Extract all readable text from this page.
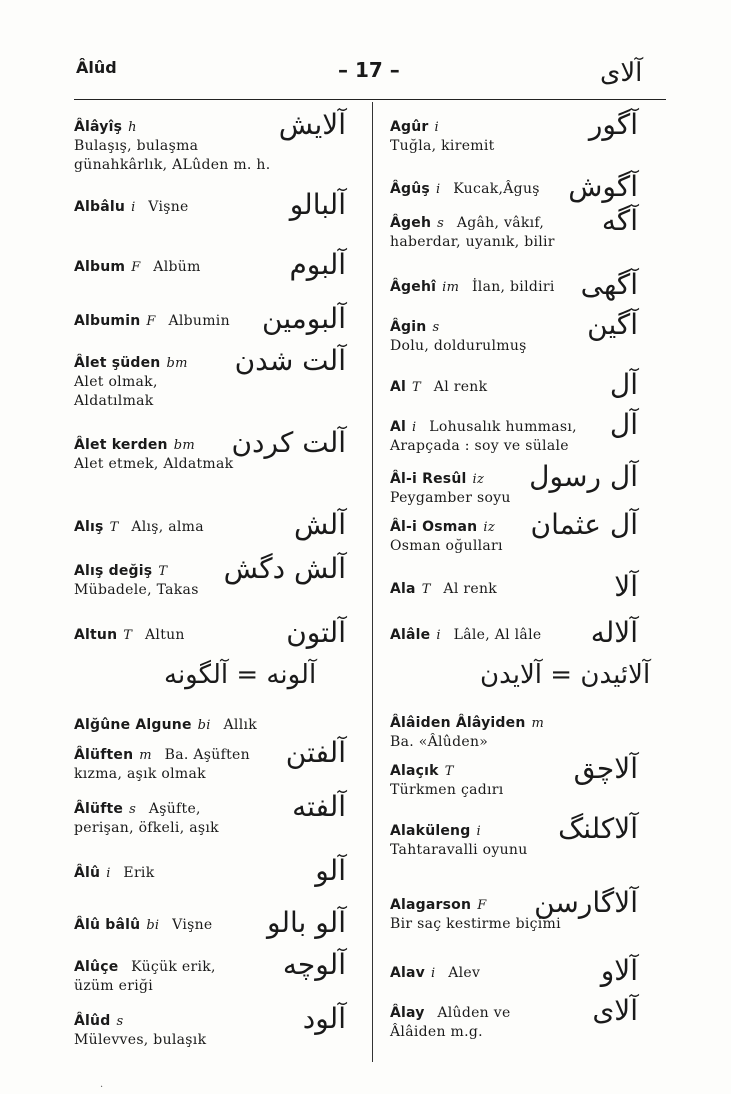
Âlûd	– 17 –	آلای
Âlâyîş h
Bulaşış, bulaşma
günahkârlık, ALûden m. h.
آلایش
Albâlu i Vişne	آلبالو
Album F Albüm	آلبوم
Albumin F Albumin	آلبومین
Âlet şüden bm
Alet olmak,
Aldatılmak
آلت شدن
Âlet kerden bm
Alet etmek, Aldatmak
آلت کردن
Alış T Alış, alma	آلش
Alış değiş T
Mübadele, Takas
آلش دگش
Altun T Altun	آلتون
آلونه = آلگونه
Alğûne Algune bi Allık
Âlüften m Ba. Aşüften
kızma, aşık olmak
آلفتن
Âlüfte s Aşüfte,
perişan, öfkeli, aşık
آلفته
Âlû i Erik	آلو
Âlû bâlû bi Vişne	آلو بالو
Alûçe Küçük erik,
üzüm eriği
آلوچه
Âlûd s
Mülevves, bulaşık
آلود
Agûr i
Tuğla, kiremit
آگور
Âgûş i Kucak,Âguş	آگوش
Âgeh s Agâh, vâkıf,
haberdar, uyanık, bilir
آگه
Âgehî im İlan, bildiri آگهی
Âgin s
Dolu, doldurulmuş
آگین
Al T Al renk	آل
Al i Lohusalık humması,
Arapçada : soy ve sülale
آل
Âl-i Resûl iz
Peygamber soyu
آل رسول
Âl-i Osman iz
Osman oğulları
آل عثمان
Ala T Al renk	آلا
Alâle i Lâle, Al lâle	آلاله
آلائیدن = آلایدن
Âlâiden Âlâyiden m
Ba. «Âlûden»
Alaçık T
Türkmen çadırı
آلاچق
Alaküleng i
Tahtaravalli oyunu
آلاکلنگ
Alagarson F
Bir saç kestirme biçimi
آلاگارسن
Alav i Alev	آلاو
Âlay Alûden ve
Âlâiden m.g.
آلای
·
